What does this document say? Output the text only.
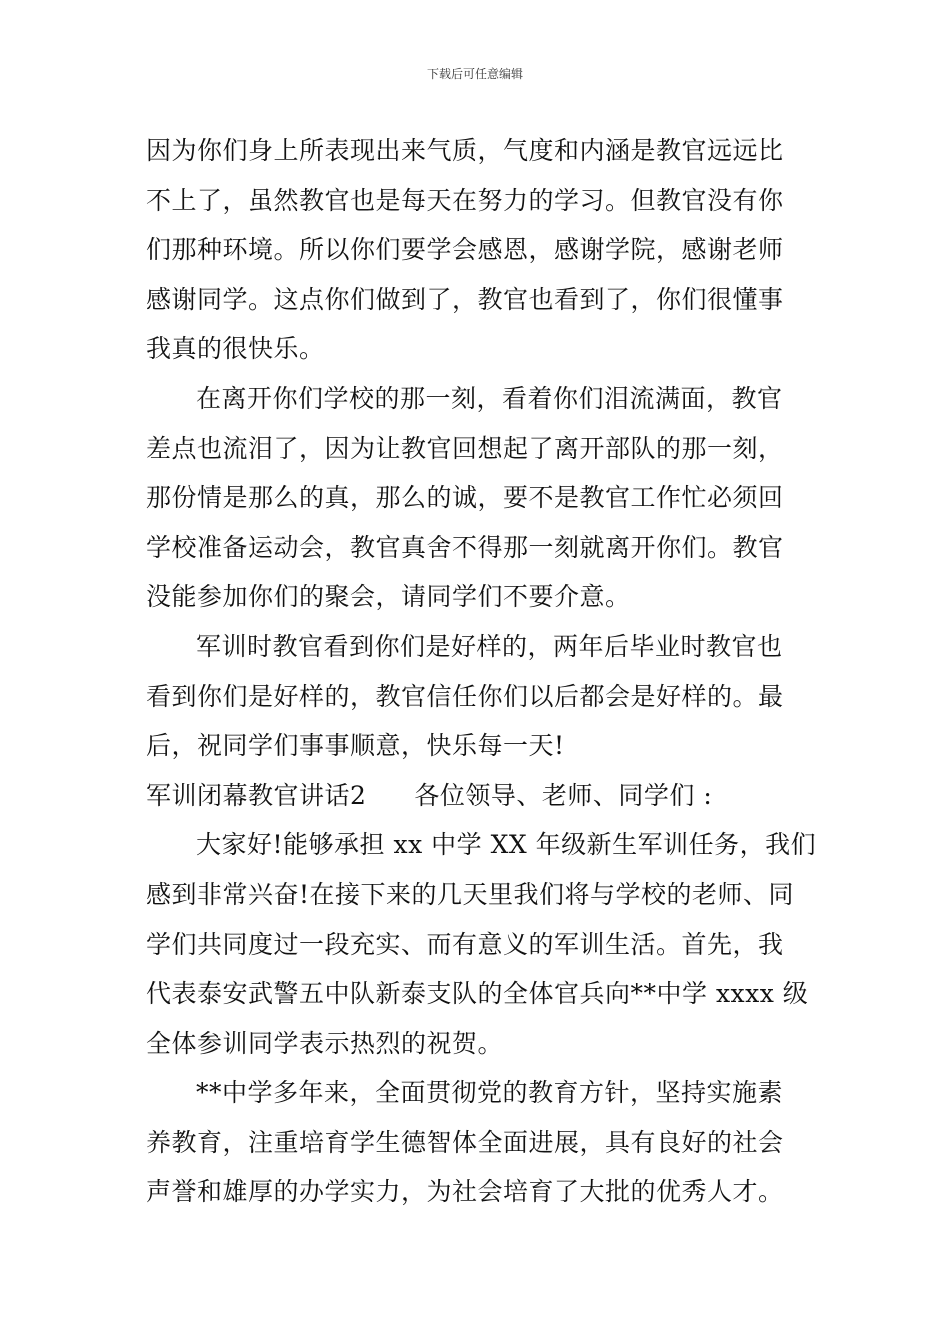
下载后可任意编辑
因为你们身上所表现出来气质，气度和内涵是教官远远比
不上了，虽然教官也是每天在努力的学习。但教官没有你
们那种环境。所以你们要学会感恩，感谢学院，感谢老师
感谢同学。这点你们做到了，教官也看到了，你们很懂事
我真的很快乐。
在离开你们学校的那一刻，看着你们泪流满面，教官
差点也流泪了，因为让教官回想起了离开部队的那一刻，
那份情是那么的真，那么的诚，要不是教官工作忙必须回
学校准备运动会，教官真舍不得那一刻就离开你们。教官
没能参加你们的聚会，请同学们不要介意。
军训时教官看到你们是好样的，两年后毕业时教官也
看到你们是好样的，教官信任你们以后都会是好样的。最
后，祝同学们事事顺意，快乐每一天!
军训闭幕教官讲话2 各位领导、老师、同学们 :
大家好!能够承担 xx 中学 XX 年级新生军训任务，我们
感到非常兴奋!在接下来的几天里我们将与学校的老师、同
学们共同度过一段充实、而有意义的军训生活。首先，我
代表泰安武警五中队新泰支队的全体官兵向**中学 xxxx 级
全体参训同学表示热烈的祝贺。
**中学多年来，全面贯彻党的教育方针，坚持实施素
养教育，注重培育学生德智体全面进展，具有良好的社会
声誉和雄厚的办学实力，为社会培育了大批的优秀人才。
